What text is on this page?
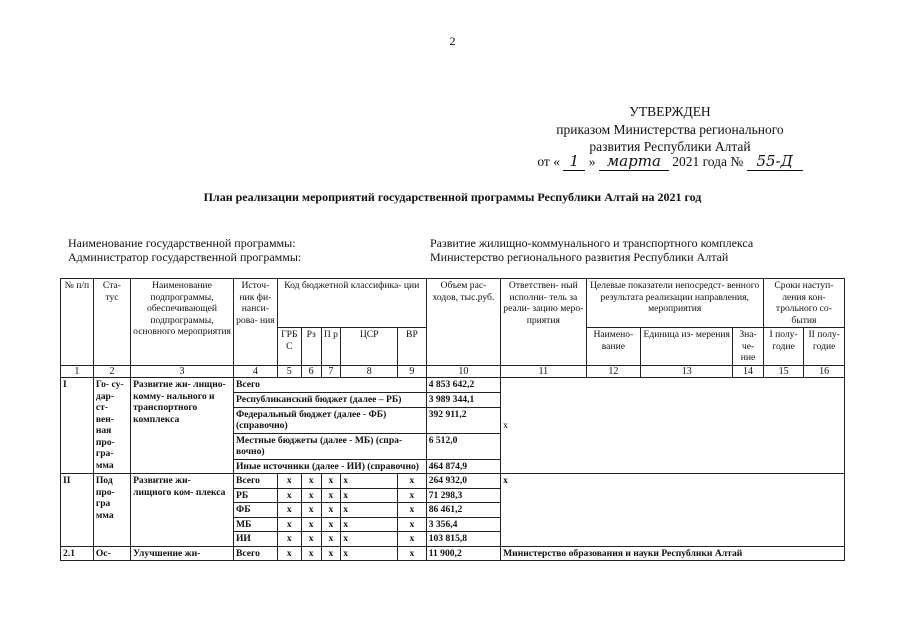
2
УТВЕРЖДЕН
приказом Министерства регионального
развития Республики Алтай
от « 1 » марта 2021 года № 55-Д
План реализации мероприятий государственной программы Республики Алтай на 2021 год
Наименование государственной программы:	Развитие жилищно-коммунального и транспортного комплекса
Администратор государственной программы:	Министерство регионального развития Республики Алтай
№ п/п	Ста- тус	Наименование подпрограммы, обеспечивающей подпрограммы, основного мероприятия	Источ- ник фи- нанси- рова- ния	Код бюджетной классифика- ции					Объем рас- ходов, тыс.руб.	Ответствен- ный исполни- тель за реали- зацию меро- приятия	Целевые показатели непосредст- венного результата реализации направления, мероприятия			Сроки наступ- ления кон- трольного со- бытия	
				ГРБ С	Рз	П р	ЦСР	ВР			Наимено- вание	Единица из- мерения	Зна- че- ние	I полу- годие	II полу- годие
1	2	3	4	5	6	7	8	9	10	11	12	13	14	15	16
I	Го- су- дар- ст- вен- ная про- гра- мма	Развитие жи- лищно-комму- нального и транспортного комплекса	Всего						4 853 642,2	х					
			Республиканский бюджет (далее – РБ)						3 989 344,1						
			Федеральный бюджет (далее - ФБ) (справочно)						392 911,2						
			Местные бюджеты (далее - МБ) (спра- вочно)						6 512,0						
			Иные источники (далее - ИИ) (справочно)						464 874,9						
II	Под про- гра мма	Развитие жи- лищного ком- плекса	Всего	х	х	х	х	х	264 932,0	х					
			РБ	х	х	х	х	х	71 298,3						
			ФБ	х	х	х	х	х	86 461,2						
			МБ	х	х	х	х	х	3 356,4						
			ИИ	х	х	х	х	х	103 815,8						
2.1	Ос-	Улучшение жи-	Всего	х	х	х	х	х	11 900,2	Министерство образования и науки Республики Алтай					
